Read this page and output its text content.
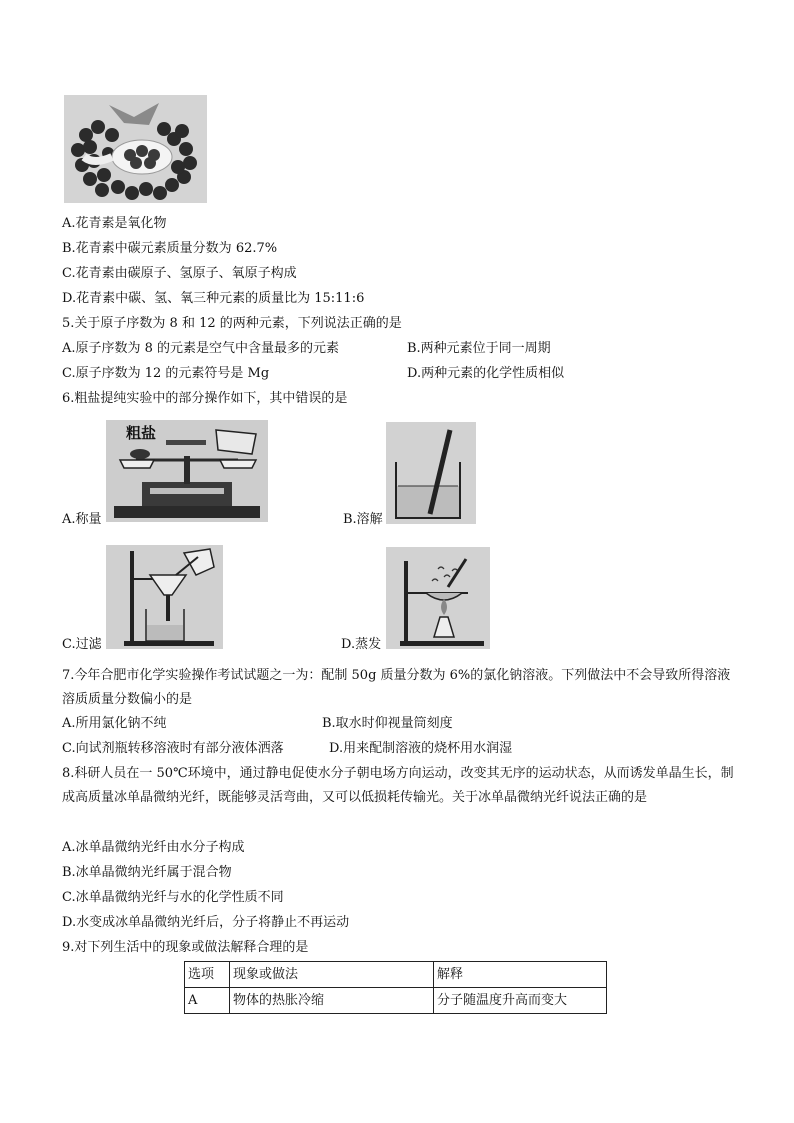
A.花青素是氧化物
B.花青素中碳元素质量分数为 62.7%
C.花青素由碳原子、氢原子、氧原子构成
D.花青素中碳、氢、氧三种元素的质量比为 15:11:6
5.关于原子序数为 8 和 12 的两种元素，下列说法正确的是
A.原子序数为 8 的元素是空气中含量最多的元素	B.两种元素位于同一周期
C.原子序数为 12 的元素符号是 Mg	D.两种元素的化学性质相似
6.粗盐提纯实验中的部分操作如下，其中错误的是
粗盐
A.称量	B.溶解
C.过滤	D.蒸发
7.今年合肥市化学实验操作考试试题之一为：配制 50g 质量分数为 6%的氯化钠溶液。下列做法中不会导致所得溶液溶质质量分数偏小的是
A.所用氯化钠不纯	B.取水时仰视量筒刻度
C.向试剂瓶转移溶液时有部分液体洒落	D.用来配制溶液的烧杯用水润湿
8.科研人员在一 50℃环境中，通过静电促使水分子朝电场方向运动，改变其无序的运动状态，从而诱发单晶生长，制成高质量冰单晶微纳光纤，既能够灵活弯曲，又可以低损耗传输光。关于冰单晶微纳光纤说法正确的是
A.冰单晶微纳光纤由水分子构成
B.冰单晶微纳光纤属于混合物
C.冰单晶微纳光纤与水的化学性质不同
D.水变成冰单晶微纳光纤后，分子将静止不再运动
9.对下列生活中的现象或做法解释合理的是
选项	现象或做法	解释
A	物体的热胀冷缩	分子随温度升高而变大
